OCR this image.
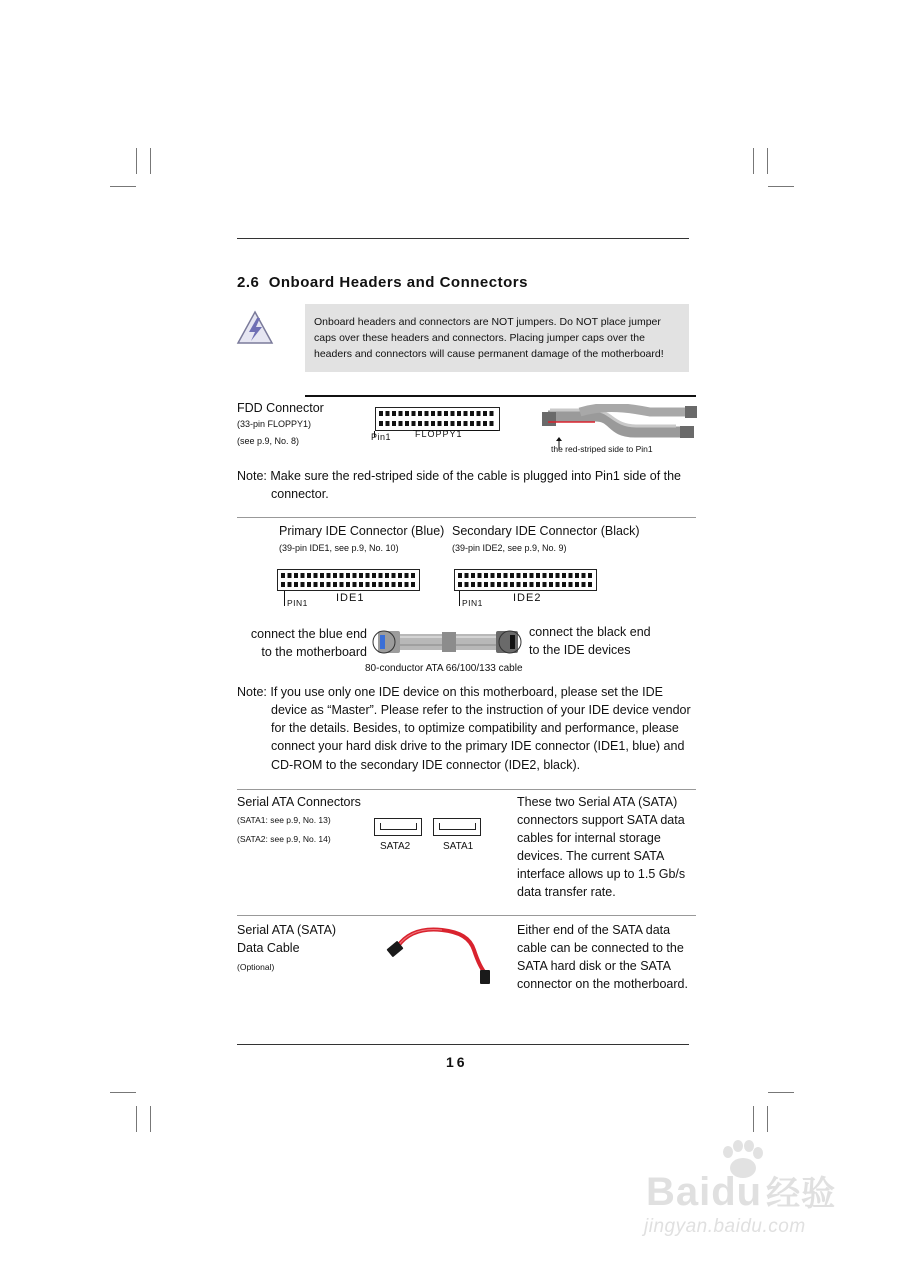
2.6 Onboard Headers and Connectors
Onboard headers and connectors are NOT jumpers. Do NOT place jumper
caps over these headers and connectors. Placing jumper caps over the
headers and connectors will cause permanent damage of the motherboard!
FDD Connector
(33-pin FLOPPY1)
(see p.9, No. 8)	Pin1	FLOPPY1
the red-striped side to Pin1
Note: Make sure the red-striped side of the cable is plugged into Pin1 side of the
connector.
Primary IDE Connector (Blue)
(39-pin IDE1, see p.9, No. 10)
Secondary IDE Connector (Black)
(39-pin IDE2, see p.9, No. 9)
PIN1	IDE1	PIN1	IDE2
connect the blue end
to the motherboard
connect the black end
to the IDE devices
80-conductor ATA 66/100/133 cable
Note: If you use only one IDE device on this motherboard, please set the IDE
device as “Master”. Please refer to the instruction of your IDE device vendor
for the details. Besides, to optimize compatibility and performance, please
connect your hard disk drive to the primary IDE connector (IDE1, blue) and
CD-ROM to the secondary IDE connector (IDE2, black).
Serial ATA Connectors
(SATA1: see p.9, No. 13)
(SATA2: see p.9, No. 14)
SATA2	SATA1
These two Serial ATA (SATA)
connectors support SATA data
cables for internal storage
devices. The current SATA
interface allows up to 1.5 Gb/s
data transfer rate.
Serial ATA (SATA)
Data Cable
(Optional)
Either end of the SATA data
cable can be connected to the
SATA hard disk or the SATA
connector on the motherboard.
16
Baidu 经验
jingyan.baidu.com
